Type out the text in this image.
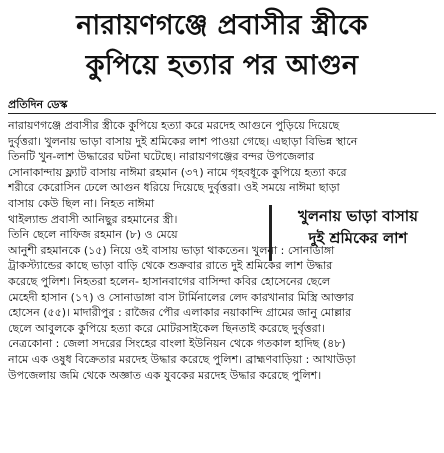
নারায়ণগঞ্জে প্রবাসীর স্ত্রীকে
কুপিয়ে হত্যার পর আগুন
প্রতিদিন ডেস্ক
নারায়ণগঞ্জে প্রবাসীর স্ত্রীকে কুপিয়ে হত্যা করে মরদেহ আগুনে পুড়িয়ে দিয়েছে
দুর্বৃত্তরা। খুলনায় ভাড়া বাসায় দুই শ্রমিকের লাশ পাওয়া গেছে। এছাড়া বিভিন্ন স্থানে
তিনটি খুন-লাশ উদ্ধারের ঘটনা ঘটেছে। নারায়ণগঞ্জের বন্দর উপজেলার
সোনাকান্দায় ফ্ল্যাট বাসায় নাঈমা রহমান (৩৭) নামে গৃহবধূকে কুপিয়ে হত্যা করে
শরীরে কেরোসিন ঢেলে আগুন ধরিয়ে দিয়েছে দুর্বৃত্তরা। ওই সময়ে নাঈমা ছাড়া
বাসায় কেউ ছিল না। নিহত নাঈমা
থাইল্যান্ড প্রবাসী আনিছুর রহমানের স্ত্রী।
তিনি ছেলে নাফিজ রহমান (৮) ও মেয়ে
আনুশী রহমানকে (১৫) নিয়ে ওই বাসায় ভাড়া থাকতেন। খুলনা : সোনাডাঙ্গা
ট্রাকস্ট্যান্ডের কাছে ভাড়া বাড়ি থেকে শুক্রবার রাতে দুই শ্রমিকের লাশ উদ্ধার
করেছে পুলিশ। নিহতরা হলেন- হাসানবাগের বাসিন্দা কবির হোসেনের ছেলে
মেহেদী হাসান (১৭) ও সোনাডাঙ্গা বাস টার্মিনালের লেদ কারখানার মিস্ত্রি আক্তার
হোসেন (৫৫)। মাদারীপুর : রাজৈর পৌর এলাকার নয়াকান্দি গ্রামের জানু মোল্লার
ছেলে আবুলকে কুপিয়ে হত্যা করে মোটরসাইকেল ছিনতাই করেছে দুর্বৃত্তরা।
নেত্রকোনা : জেলা সদরের সিংহের বাংলা ইউনিয়ন থেকে গতকাল হাদিছ (৪৮)
নামে এক ওষুধ বিক্রেতার মরদেহ উদ্ধার করেছে পুলিশ। ব্রাহ্মণবাড়িয়া : আখাউড়া
উপজেলায় জমি থেকে অজ্ঞাত এক যুবকের মরদেহ উদ্ধার করেছে পুলিশ।
খুলনায় ভাড়া বাসায়
দুই শ্রমিকের লাশ
